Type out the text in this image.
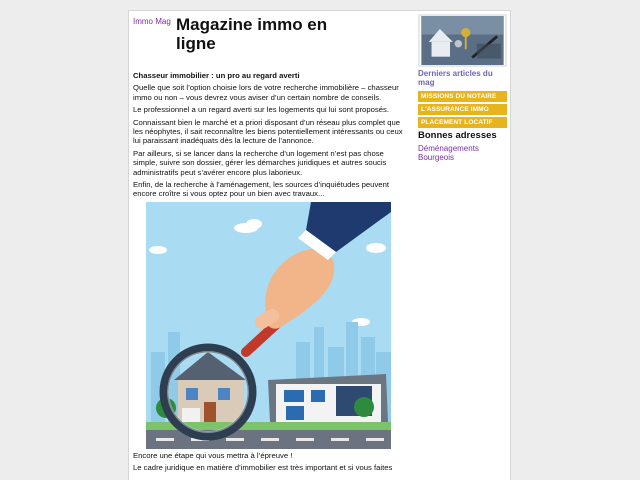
Immo Mag Magazine immo en ligne
Chasseur immobilier : un pro au regard averti

Quelle que soit l’option choisie lors de votre recherche immobilière – chasseur immo ou non – vous devrez vous aviser d’un certain nombre de conseils.

Le professionnel a un regard averti sur les logements qui lui sont proposés.

Connaissant bien le marché et a priori disposant d’un réseau plus complet que les néophytes, il sait reconnaître les biens potentiellement intéressants ou ceux lui paraissant inadéquats dès la lecture de l’annonce.

Par ailleurs, si se lancer dans la recherche d’un logement n’est pas chose simple, suivre son dossier, gérer les démarches juridiques et autres soucis administratifs peut s’avérer encore plus laborieux.

Enfin, de la recherche à l’aménagement, les sources d’inquiétudes peuvent encore croître si vous optez pour un bien avec travaux...

Encore une étape qui vous mettra à l’épreuve !

Le cadre juridique en matière d’immobilier est très important et si vous faites

Derniers articles du mag
MISSIONS DU NOTAIRE
L'ASSURANCE IMMO
PLACEMENT LOCATIF
Bonnes adresses
Déménagements Bourgeois
